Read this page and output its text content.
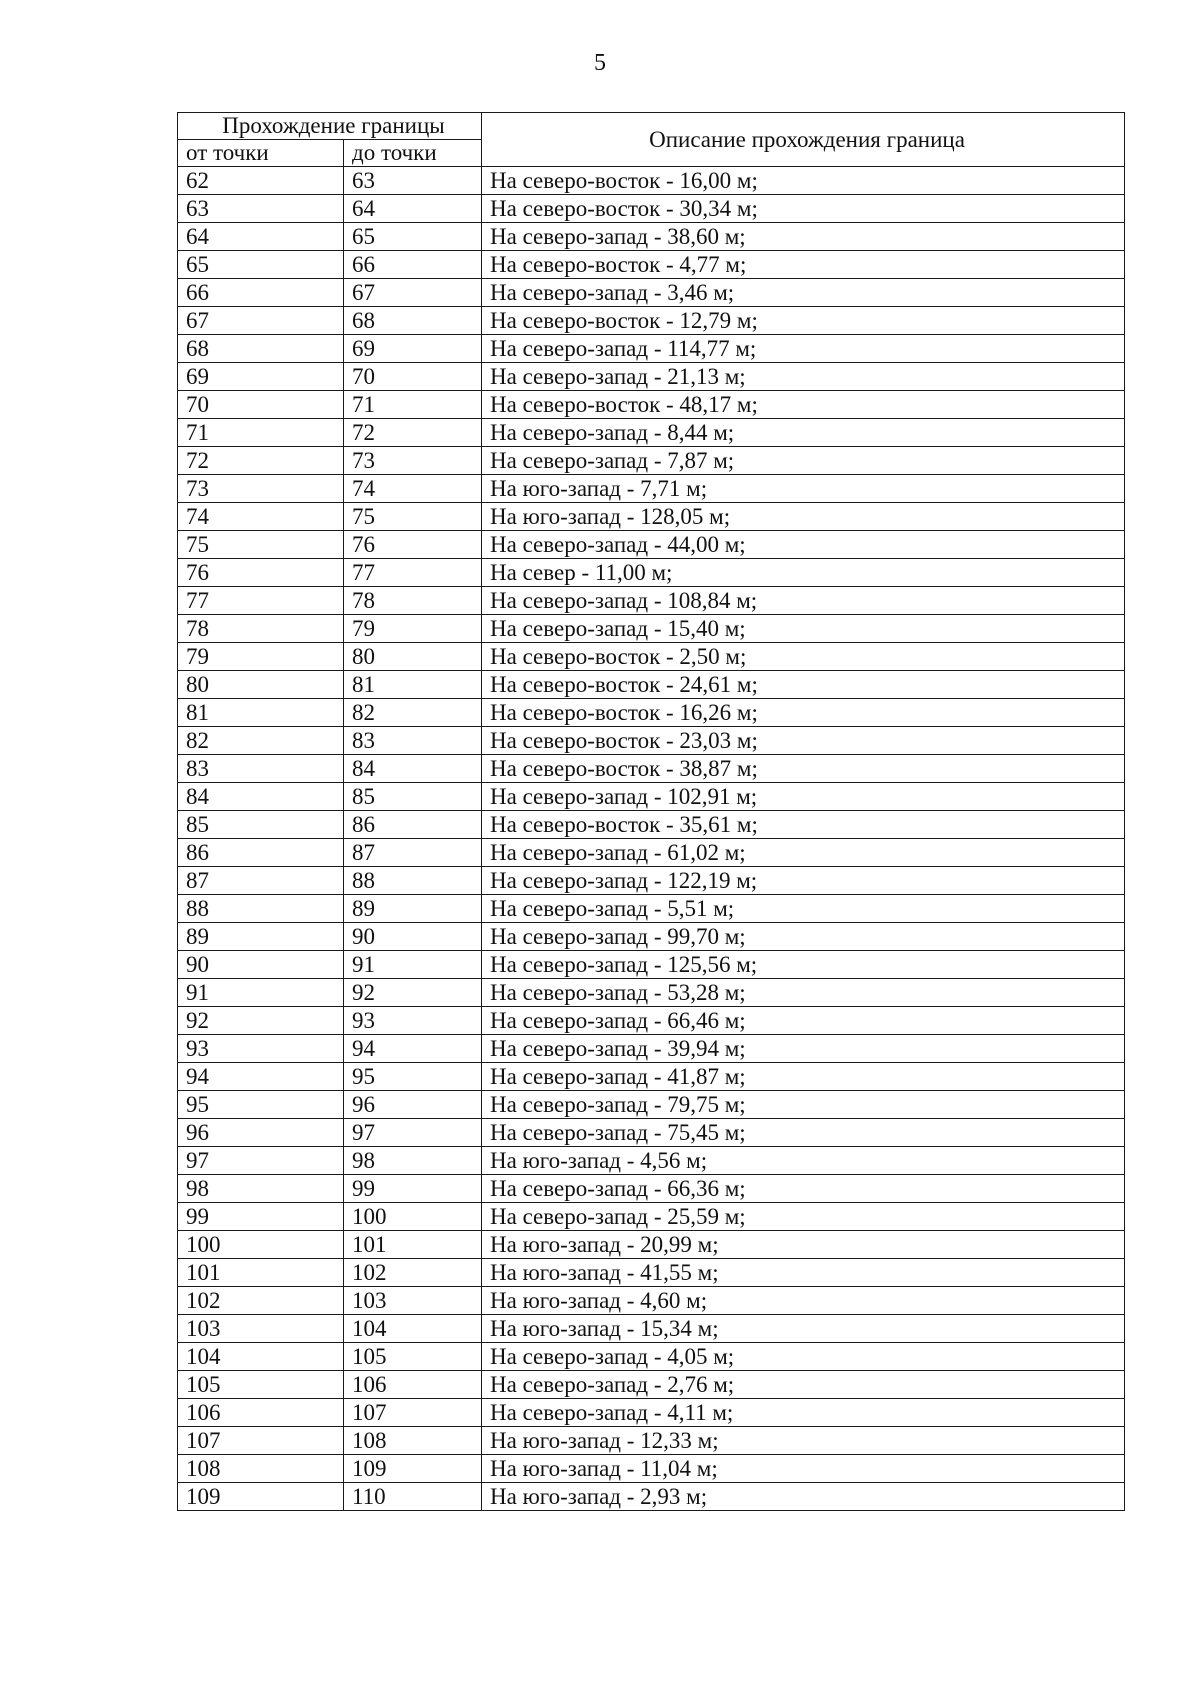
5
Прохождение границы		Описание прохождения граница
от точки	до точки	
62	63	На северо-восток - 16,00 м;
63	64	На северо-восток - 30,34 м;
64	65	На северо-запад - 38,60 м;
65	66	На северо-восток - 4,77 м;
66	67	На северо-запад - 3,46 м;
67	68	На северо-восток - 12,79 м;
68	69	На северо-запад - 114,77 м;
69	70	На северо-запад - 21,13 м;
70	71	На северо-восток - 48,17 м;
71	72	На северо-запад - 8,44 м;
72	73	На северо-запад - 7,87 м;
73	74	На юго-запад - 7,71 м;
74	75	На юго-запад - 128,05 м;
75	76	На северо-запад - 44,00 м;
76	77	На север - 11,00 м;
77	78	На северо-запад - 108,84 м;
78	79	На северо-запад - 15,40 м;
79	80	На северо-восток - 2,50 м;
80	81	На северо-восток - 24,61 м;
81	82	На северо-восток - 16,26 м;
82	83	На северо-восток - 23,03 м;
83	84	На северо-восток - 38,87 м;
84	85	На северо-запад - 102,91 м;
85	86	На северо-восток - 35,61 м;
86	87	На северо-запад - 61,02 м;
87	88	На северо-запад - 122,19 м;
88	89	На северо-запад - 5,51 м;
89	90	На северо-запад - 99,70 м;
90	91	На северо-запад - 125,56 м;
91	92	На северо-запад - 53,28 м;
92	93	На северо-запад - 66,46 м;
93	94	На северо-запад - 39,94 м;
94	95	На северо-запад - 41,87 м;
95	96	На северо-запад - 79,75 м;
96	97	На северо-запад - 75,45 м;
97	98	На юго-запад - 4,56 м;
98	99	На северо-запад - 66,36 м;
99	100	На северо-запад - 25,59 м;
100	101	На юго-запад - 20,99 м;
101	102	На юго-запад - 41,55 м;
102	103	На юго-запад - 4,60 м;
103	104	На юго-запад - 15,34 м;
104	105	На северо-запад - 4,05 м;
105	106	На северо-запад - 2,76 м;
106	107	На северо-запад - 4,11 м;
107	108	На юго-запад - 12,33 м;
108	109	На юго-запад - 11,04 м;
109	110	На юго-запад - 2,93 м;
